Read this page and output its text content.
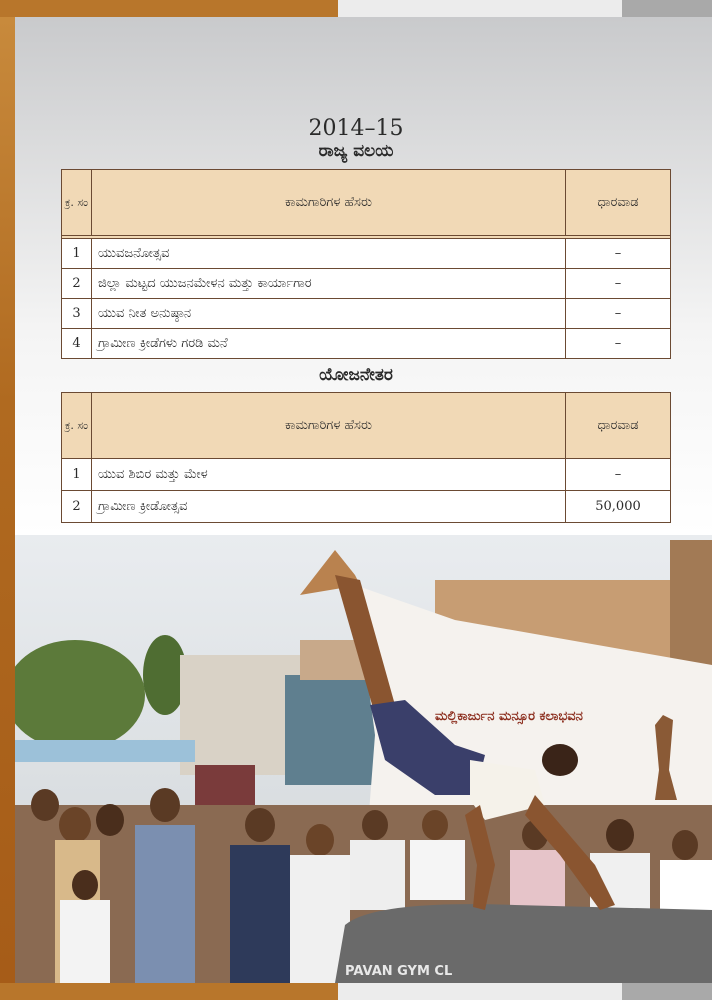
2014–15
ರಾಜ್ಯ ವಲಯ
ಕ್ರ. ಸಂ	ಕಾಮಗಾರಿಗಳ ಹೆಸರು	ಧಾರವಾಡ

1	ಯುವಜನೋತ್ಸವ	–
2	ಜಿಲ್ಲಾ ಮಟ್ಟದ ಯುಜನಮೇಳನ ಮತ್ತು ಕಾರ್ಯಾಗಾರ	–
3	ಯುವ ನೀತ ಅನುಷ್ಠಾನ	–
4	ಗ್ರಾಮೀಣ ಕ್ರೀಡೆಗಳು ಗರಡಿ ಮನೆ	–
ಯೋಜನೇತರ
ಕ್ರ. ಸಂ	ಕಾಮಗಾರಿಗಳ ಹೆಸರು	ಧಾರವಾಡ
1	ಯುವ ಶಿಬಿರ ಮತ್ತು ಮೇಳ	–
2	ಗ್ರಾಮೀಣ ಕ್ರೀಡೋತ್ಸವ	50,000
ಮಲ್ಲಿಕಾರ್ಜುನ ಮನ್ಸೂರ ಕಲಾಭವನ
PAVAN GYM CL
